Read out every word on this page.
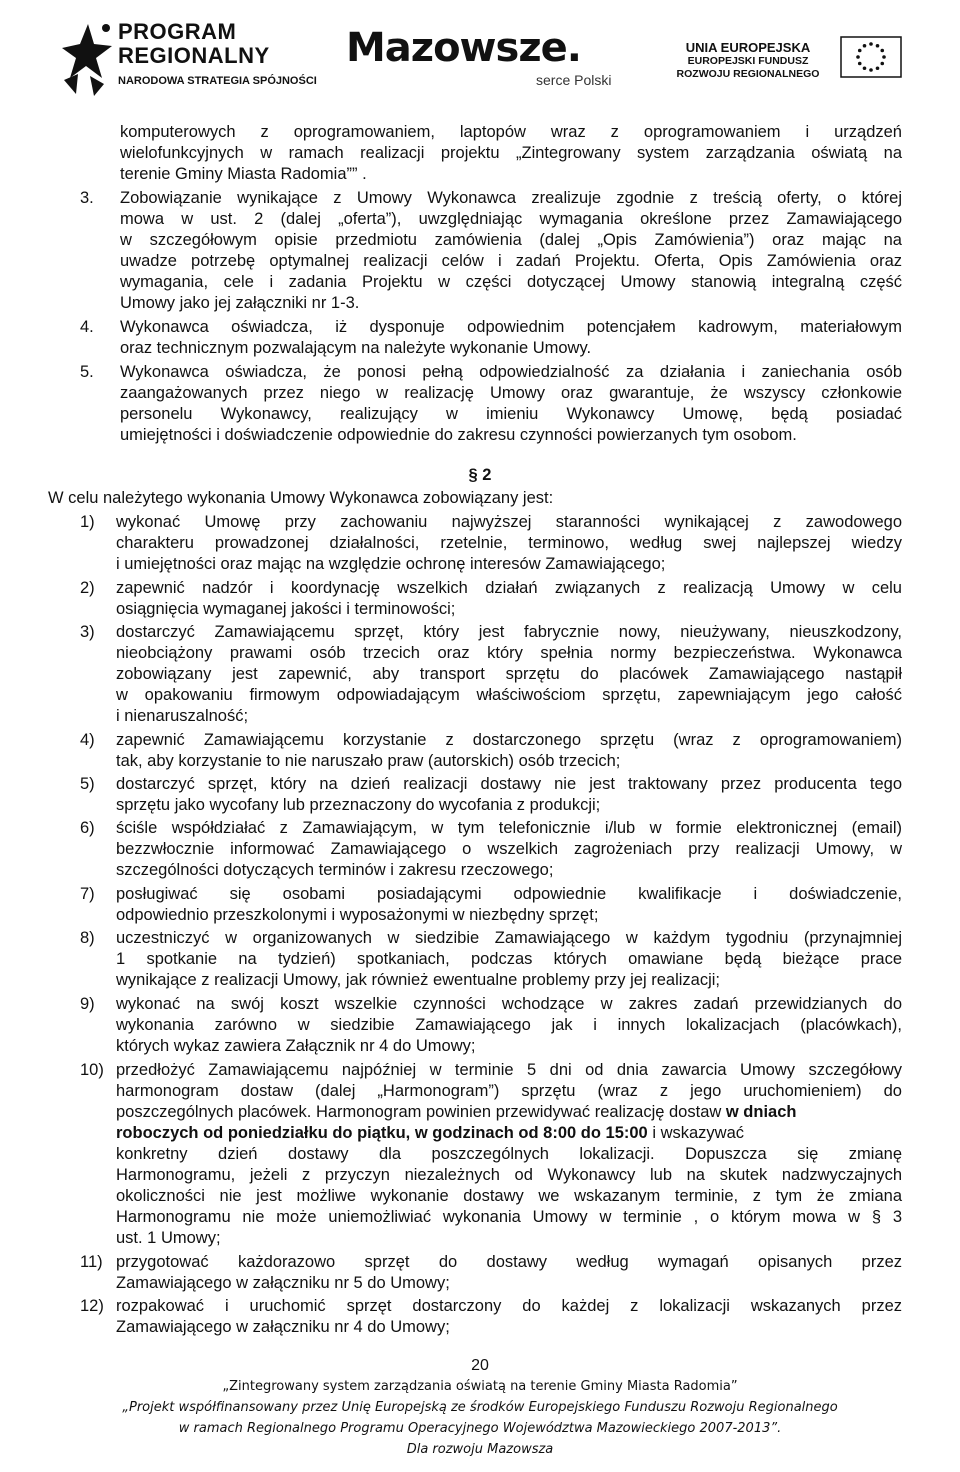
PROGRAM
REGIONALNY
NARODOWA STRATEGIA SPÓJNOŚCI
Mazowsze.
serce Polski
UNIA EUROPEJSKA
EUROPEJSKI FUNDUSZ
ROZWOJU REGIONALNEGO
komputerowych z oprogramowaniem, laptopów wraz z oprogramowaniem i urządzeń
wielofunkcyjnych w ramach realizacji projektu „Zintegrowany system zarządzania oświatą na
terenie Gminy Miasta Radomia”” .
3. Zobowiązanie wynikające z Umowy Wykonawca zrealizuje zgodnie z treścią oferty, o której
mowa w ust. 2 (dalej „oferta”), uwzględniając wymagania określone przez Zamawiającego
w szczegółowym opisie przedmiotu zamówienia (dalej „Opis Zamówienia”) oraz mając na
uwadze potrzebę optymalnej realizacji celów i zadań Projektu. Oferta, Opis Zamówienia oraz
wymagania, cele i zadania Projektu w części dotyczącej Umowy stanowią integralną część
Umowy jako jej załączniki nr 1-3.
4. Wykonawca oświadcza, iż dysponuje odpowiednim potencjałem kadrowym, materiałowym
oraz technicznym pozwalającym na należyte wykonanie Umowy.
5. Wykonawca oświadcza, że ponosi pełną odpowiedzialność za działania i zaniechania osób
zaangażowanych przez niego w realizację Umowy oraz gwarantuje, że wszyscy członkowie
personelu Wykonawcy, realizujący w imieniu Wykonawcy Umowę, będą posiadać
umiejętności i doświadczenie odpowiednie do zakresu czynności powierzanych tym osobom.
§ 2
W celu należytego wykonania Umowy Wykonawca zobowiązany jest:
1) wykonać Umowę przy zachowaniu najwyższej staranności wynikającej z zawodowego
charakteru prowadzonej działalności, rzetelnie, terminowo, według swej najlepszej wiedzy
i umiejętności oraz mając na względzie ochronę interesów Zamawiającego;
2) zapewnić nadzór i koordynację wszelkich działań związanych z realizacją Umowy w celu
osiągnięcia wymaganej jakości i terminowości;
3) dostarczyć Zamawiającemu sprzęt, który jest fabrycznie nowy, nieużywany, nieuszkodzony,
nieobciążony prawami osób trzecich oraz który spełnia normy bezpieczeństwa. Wykonawca
zobowiązany jest zapewnić, aby transport sprzętu do placówek Zamawiającego nastąpił
w opakowaniu firmowym odpowiadającym właściwościom sprzętu, zapewniającym jego całość
i nienaruszalność;
4) zapewnić Zamawiającemu korzystanie z dostarczonego sprzętu (wraz z oprogramowaniem)
tak, aby korzystanie to nie naruszało praw (autorskich) osób trzecich;
5) dostarczyć sprzęt, który na dzień realizacji dostawy nie jest traktowany przez producenta tego
sprzętu jako wycofany lub przeznaczony do wycofania z produkcji;
6) ściśle współdziałać z Zamawiającym, w tym telefonicznie i/lub w formie elektronicznej (email)
bezzwłocznie informować Zamawiającego o wszelkich zagrożeniach przy realizacji Umowy, w
szczególności dotyczących terminów i zakresu rzeczowego;
7) posługiwać się osobami posiadającymi odpowiednie kwalifikacje i doświadczenie,
odpowiednio przeszkolonymi i wyposażonymi w niezbędny sprzęt;
8) uczestniczyć w organizowanych w siedzibie Zamawiającego w każdym tygodniu (przynajmniej
1 spotkanie na tydzień) spotkaniach, podczas których omawiane będą bieżące prace
wynikające z realizacji Umowy, jak również ewentualne problemy przy jej realizacji;
9) wykonać na swój koszt wszelkie czynności wchodzące w zakres zadań przewidzianych do
wykonania zarówno w siedzibie Zamawiającego jak i innych lokalizacjach (placówkach),
których wykaz zawiera Załącznik nr 4 do Umowy;
10) przedłożyć Zamawiającemu najpóźniej w terminie 5 dni od dnia zawarcia Umowy szczegółowy
harmonogram dostaw (dalej „Harmonogram”) sprzętu (wraz z jego uruchomieniem) do
poszczególnych placówek. Harmonogram powinien przewidywać realizację dostaw w dniach
roboczych od poniedziałku do piątku, w godzinach od 8:00 do 15:00 i wskazywać
konkretny dzień dostawy dla poszczególnych lokalizacji. Dopuszcza się zmianę
Harmonogramu, jeżeli z przyczyn niezależnych od Wykonawcy lub na skutek nadzwyczajnych
okoliczności nie jest możliwe wykonanie dostawy we wskazanym terminie, z tym że zmiana
Harmonogramu nie może uniemożliwiać wykonania Umowy w terminie , o którym mowa w § 3
ust. 1 Umowy;
11) przygotować każdorazowo sprzęt do dostawy według wymagań opisanych przez
Zamawiającego w załączniku nr 5 do Umowy;
12) rozpakować i uruchomić sprzęt dostarczony do każdej z lokalizacji wskazanych przez
Zamawiającego w załączniku nr 4 do Umowy;
20
„Zintegrowany system zarządzania oświatą na terenie Gminy Miasta Radomia”
„Projekt współfinansowany przez Unię Europejską ze środków Europejskiego Funduszu Rozwoju Regionalnego
w ramach Regionalnego Programu Operacyjnego Województwa Mazowieckiego 2007-2013”.
Dla rozwoju Mazowsza
